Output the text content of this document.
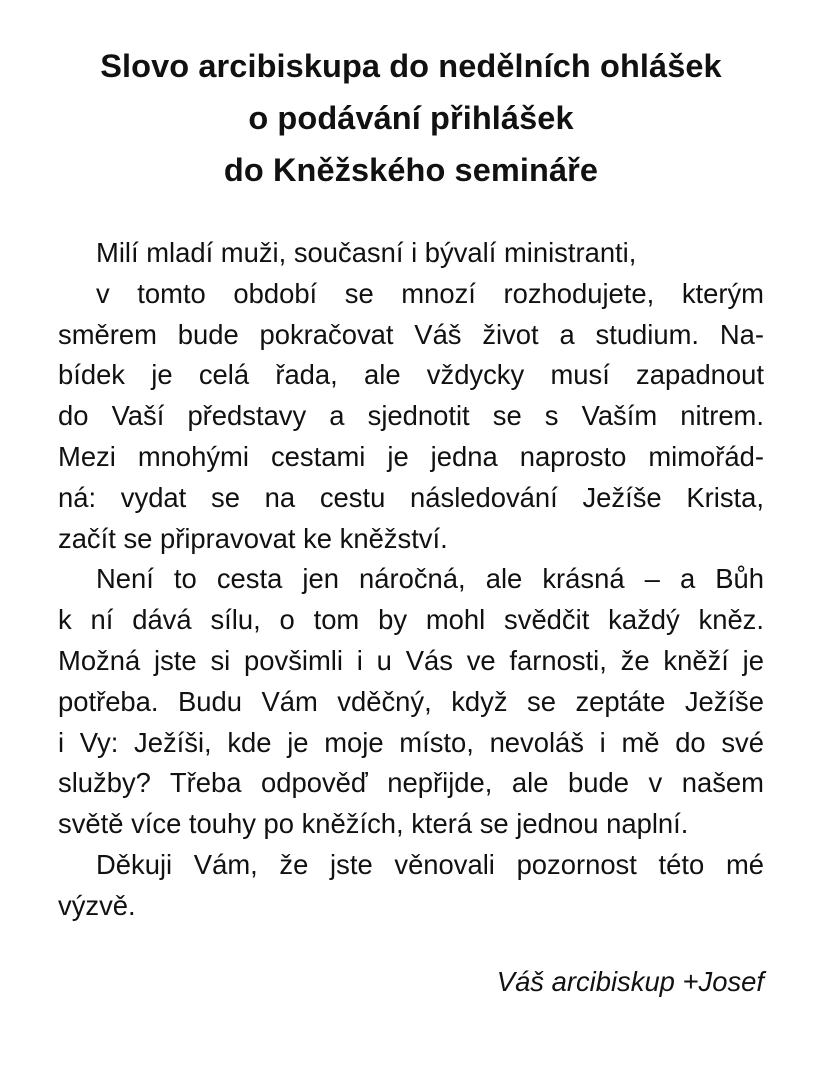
Slovo arcibiskupa do nedělních ohlášek
o podávání přihlášek
do Kněžského semináře
Milí mladí muži, současní i bývalí ministranti,
v tomto období se mnozí rozhodujete, kterým
směrem bude pokračovat Váš život a studium. Na-
bídek je celá řada, ale vždycky musí zapadnout
do Vaší představy a sjednotit se s Vaším nitrem.
Mezi mnohými cestami je jedna naprosto mimořád-
ná: vydat se na cestu následování Ježíše Krista,
začít se připravovat ke kněžství.
Není to cesta jen náročná, ale krásná – a Bůh
k ní dává sílu, o tom by mohl svědčit každý kněz.
Možná jste si povšimli i u Vás ve farnosti, že kněží je
potřeba. Budu Vám vděčný, když se zeptáte Ježíše
i Vy: Ježíši, kde je moje místo, nevoláš i mě do své
služby? Třeba odpověď nepřijde, ale bude v našem
světě více touhy po kněžích, která se jednou naplní.
Děkuji Vám, že jste věnovali pozornost této mé
výzvě.
Váš arcibiskup +Josef
